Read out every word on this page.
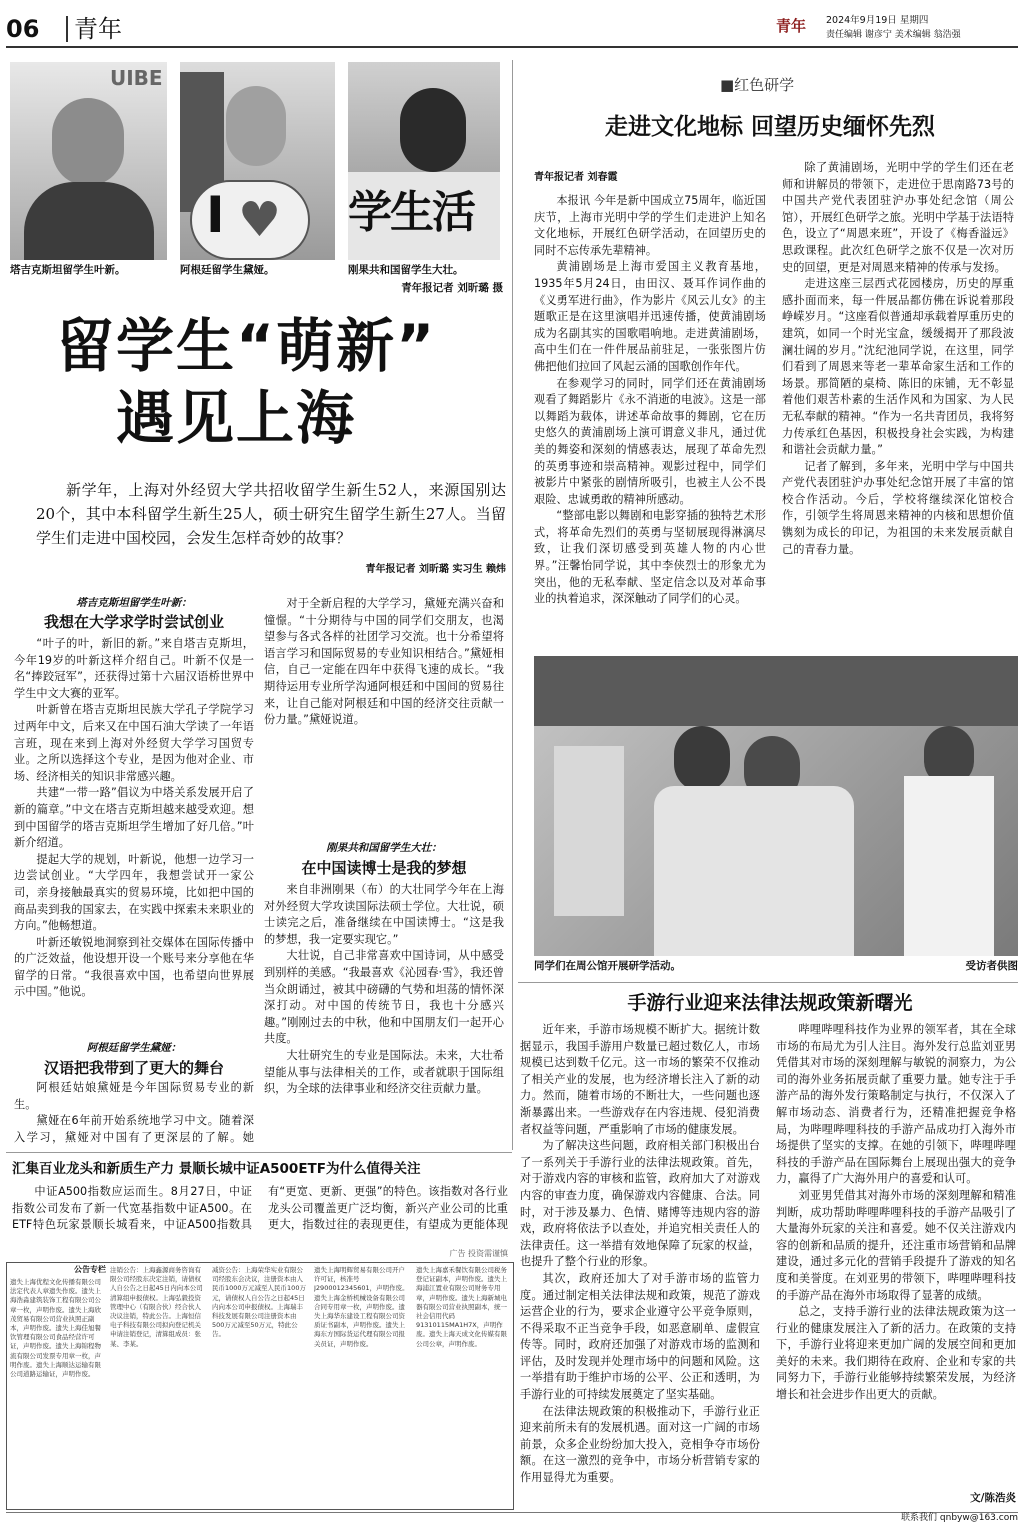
06	青年	青年	2024年9月19日 星期四
责任编辑 谢彦宁 美术编辑 翁浩强
UIBE
I ♥ 学生活
塔吉克斯坦留学生叶新。	阿根廷留学生黛娅。	刚果共和国留学生大壮。
青年报记者 刘昕璐 摄
留学生“萌新”
遇见上海
新学年，上海对外经贸大学共招收留学生新生52人，来源国别达20个，其中本科留学生新生25人，硕士研究生留学生新生27人。当留学生们走进中国校园，会发生怎样奇妙的故事？
青年报记者 刘昕璐 实习生 赖炜
塔吉克斯坦留学生叶新：
我想在大学求学时尝试创业

“叶子的叶，新旧的新。”来自塔吉克斯坦，今年19岁的叶新这样介绍自己。叶新不仅是一名“捧跤冠军”，还获得过第十六届汉语桥世界中学生中文大赛的亚军。

叶新曾在塔吉克斯坦民族大学孔子学院学习过两年中文，后来又在中国石油大学读了一年语言班，现在来到上海对外经贸大学学习国贸专业。之所以选择这个专业，是因为他对企业、市场、经济相关的知识非常感兴趣。

共建“一带一路”倡议为中塔关系发展开启了新的篇章。”中文在塔吉克斯坦越来越受欢迎。想到中国留学的塔吉克斯坦学生增加了好几倍。”叶新介绍道。

提起大学的规划，叶新说，他想一边学习一边尝试创业。“大学四年，我想尝试开一家公司，亲身接触最真实的贸易环境，比如把中国的商品卖到我的国家去，在实践中探索未来职业的方向。”他畅想道。

叶新还敏锐地洞察到社交媒体在国际传播中的广泛效益，他设想开设一个账号来分享他在华留学的日常。“我很喜欢中国，也希望向世界展示中国。”他说。

阿根廷留学生黛娅：
汉语把我带到了更大的舞台

阿根廷姑娘黛娅是今年国际贸易专业的新生。

黛娅在6年前开始系统地学习中文。随着深入学习，黛娅对中国有了更深层的了解。她

对于全新启程的大学学习，黛娅充满兴奋和憧憬。“十分期待与中国的同学们交朋友，也渴望参与各式各样的社团学习交流。也十分希望将语言学习和国际贸易的专业知识相结合。”黛娅相信，自己一定能在四年中获得飞速的成长。“我期待运用专业所学沟通阿根廷和中国间的贸易往来，让自己能对阿根廷和中国的经济交往贡献一份力量。”黛娅说道。

刚果共和国留学生大壮：
在中国读博士是我的梦想

来自非洲刚果（布）的大壮同学今年在上海对外经贸大学攻读国际法硕士学位。大壮说，硕士读完之后，准备继续在中国读博士。“这是我的梦想，我一定要实现它。”

大壮说，自己非常喜欢中国诗词，从中感受到别样的美感。“我最喜欢《沁园春·雪》，我还曾当众朗诵过，被其中磅礴的气势和坦荡的情怀深深打动。对中国的传统节日，我也十分感兴趣。”刚刚过去的中秋，他和中国朋友们一起开心共度。

大壮研究生的专业是国际法。未来，大壮希望能从事与法律相关的工作，或者就职于国际组织，为全球的法律事业和经济交往贡献力量。

■红色研学
走进文化地标 回望历史缅怀先烈
青年报记者 刘春霞

本报讯 今年是新中国成立75周年，临近国庆节，上海市光明中学的学生们走进沪上知名文化地标，开展红色研学活动，在回望历史的同时不忘传承先辈精神。

黄浦剧场是上海市爱国主义教育基地，1935年5月24日，由田汉、聂耳作词作曲的《义勇军进行曲》，作为影片《风云儿女》的主题歌正是在这里演唱并迅速传播，使黄浦剧场成为名副其实的国歌唱响地。走进黄浦剧场，高中生们在一件件展品前驻足，一张张图片仿佛把他们拉回了风起云涌的国歌创作年代。

在参观学习的同时，同学们还在黄浦剧场观看了舞蹈影片《永不消逝的电波》。这是一部以舞蹈为载体，讲述革命故事的舞剧，它在历史悠久的黄浦剧场上演可谓意义非凡，通过优美的舞姿和深刻的情感表达，展现了革命先烈的英勇事迹和崇高精神。观影过程中，同学们被影片中紧张的剧情所吸引，也被主人公不畏艰险、忠诚勇敢的精神所感动。

“整部电影以舞剧和电影穿插的独特艺术形式，将革命先烈们的英勇与坚韧展现得淋漓尽致，让我们深切感受到英雄人物的内心世界。”汪馨怡同学说，其中李侠烈士的形象尤为突出，他的无私奉献、坚定信念以及对革命事业的执着追求，深深触动了同学们的心灵。

除了黄浦剧场，光明中学的学生们还在老师和讲解员的带领下，走进位于思南路73号的中国共产党代表团驻沪办事处纪念馆（周公馆），开展红色研学之旅。光明中学基于法语特色，设立了“周恩来班”，开设了《梅香溢远》思政课程。此次红色研学之旅不仅是一次对历史的回望，更是对周恩来精神的传承与发扬。

走进这座三层西式花园楼房，历史的厚重感扑面而来，每一件展品都仿佛在诉说着那段峥嵘岁月。“这座看似普通却承载着厚重历史的建筑，如同一个时光宝盒，缓缓揭开了那段波澜壮阔的岁月。”沈纪池同学说，在这里，同学们看到了周恩来等老一辈革命家生活和工作的场景。那简陋的桌椅、陈旧的床铺，无不彰显着他们艰苦朴素的生活作风和为国家、为人民无私奉献的精神。“作为一名共青团员，我将努力传承红色基因，积极投身社会实践，为构建和谐社会贡献力量。”

记者了解到，多年来，光明中学与中国共产党代表团驻沪办事处纪念馆开展了丰富的馆校合作活动。今后，学校将继续深化馆校合作，引领学生将周恩来精神的内核和思想价值镌刻为成长的印记，为祖国的未来发展贡献自己的青春力量。

同学们在周公馆开展研学活动。	受访者供图
手游行业迎来法律法规政策新曙光

近年来，手游市场规模不断扩大。据统计数据显示，我国手游用户数量已超过数亿人，市场规模已达到数千亿元。这一市场的繁荣不仅推动了相关产业的发展，也为经济增长注入了新的动力。然而，随着市场的不断壮大，一些问题也逐渐暴露出来。一些游戏存在内容违规、侵犯消费者权益等问题，严重影响了市场的健康发展。

为了解决这些问题，政府相关部门积极出台了一系列关于手游行业的法律法规政策。首先，对于游戏内容的审核和监管，政府加大了对游戏内容的审查力度，确保游戏内容健康、合法。同时，对于涉及暴力、色情、赌博等违规内容的游戏，政府将依法予以查处，并追究相关责任人的法律责任。这一举措有效地保障了玩家的权益，也提升了整个行业的形象。

其次，政府还加大了对手游市场的监管力度。通过制定相关法律法规和政策，规范了游戏运营企业的行为，要求企业遵守公平竞争原则，不得采取不正当竞争手段，如恶意刷单、虚假宣传等。同时，政府还加强了对游戏市场的监测和评估，及时发现并处理市场中的问题和风险。这一举措有助于维护市场的公平、公正和透明，为手游行业的可持续发展奠定了坚实基础。

在法律法规政策的积极推动下，手游行业正迎来前所未有的发展机遇。面对这一广阔的市场前景，众多企业纷纷加大投入，竞相争夺市场份额。在这一激烈的竞争中，市场分析营销专家的作用显得尤为重要。

哔哩哔哩科技作为业界的领军者，其在全球市场的布局尤为引人注目。海外发行总监刘亚男凭借其对市场的深刻理解与敏锐的洞察力，为公司的海外业务拓展贡献了重要力量。她专注于手游产品的海外发行策略制定与执行，不仅深入了解市场动态、消费者行为，还精准把握竞争格局，为哔哩哔哩科技的手游产品成功打入海外市场提供了坚实的支撑。在她的引领下，哔哩哔哩科技的手游产品在国际舞台上展现出强大的竞争力，赢得了广大海外用户的喜爱和认可。

刘亚男凭借其对海外市场的深刻理解和精准判断，成功帮助哔哩哔哩科技的手游产品吸引了大量海外玩家的关注和喜爱。她不仅关注游戏内容的创新和品质的提升，还注重市场营销和品牌建设，通过多元化的营销手段提升了游戏的知名度和美誉度。在刘亚男的带领下，哔哩哔哩科技的手游产品在海外市场取得了显著的成绩。

总之，支持手游行业的法律法规政策为这一行业的健康发展注入了新的活力。在政策的支持下，手游行业将迎来更加广阔的发展空间和更加美好的未来。我们期待在政府、企业和专家的共同努力下，手游行业能够持续繁荣发展，为经济增长和社会进步作出更大的贡献。

文/陈浩炎
汇集百业龙头和新质生产力 景顺长城中证A500ETF为什么值得关注
中证A500指数应运而生。8月27日，中证指数公司发布了新一代宽基指数中证A500。在ETF特色玩家景顺长城看来，中证A500指数具有“更宽、更新、更强”的特色。该指数对各行业龙头公司覆盖更广泛均衡，新兴产业公司的比重更大，指数过往的表现更佳，有望成为更能体现
广告 投资需谨慎
公告专栏
遗失上海优程文化传播有限公司法定代表人章遗失作废。遗失上海浩淼建筑装饰工程有限公司公章一枚，声明作废。遗失上海欣茂贸易有限公司营业执照正副本，声明作废。遗失上海佳旭餐饮管理有限公司食品经营许可证，声明作废。遗失上海锦程物流有限公司发票专用章一枚，声明作废。遗失上海顺达运输有限公司道路运输证，声明作废。
注销公告：上海鑫源商务咨询有限公司经股东决定注销，请债权人自公告之日起45日内向本公司清算组申报债权。上海弘毅投资管理中心（有限合伙）经合伙人决议注销，特此公告。上海恒信电子科技有限公司拟向登记机关申请注销登记，清算组成员：张某、李某。
减资公告：上海荣华实业有限公司经股东会决议，注册资本由人民币1000万元减至人民币100万元，请债权人自公告之日起45日内向本公司申报债权。上海瑞丰科技发展有限公司注册资本由500万元减至50万元，特此公告。
遗失上海明辉贸易有限公司开户许可证，核准号J2900012345601，声明作废。遗失上海金桥机械设备有限公司合同专用章一枚，声明作废。遗失上海华东建设工程有限公司资质证书副本，声明作废。遗失上海东方国际货运代理有限公司报关员证，声明作废。
遗失上海嘉禾餐饮有限公司税务登记证副本，声明作废。遗失上海浦江置业有限公司财务专用章，声明作废。遗失上海新城电器有限公司营业执照副本，统一社会信用代码91310115MA1H7X，声明作废。遗失上海天成文化传媒有限公司公章，声明作废。
联系我们 qnbyw@163.com
